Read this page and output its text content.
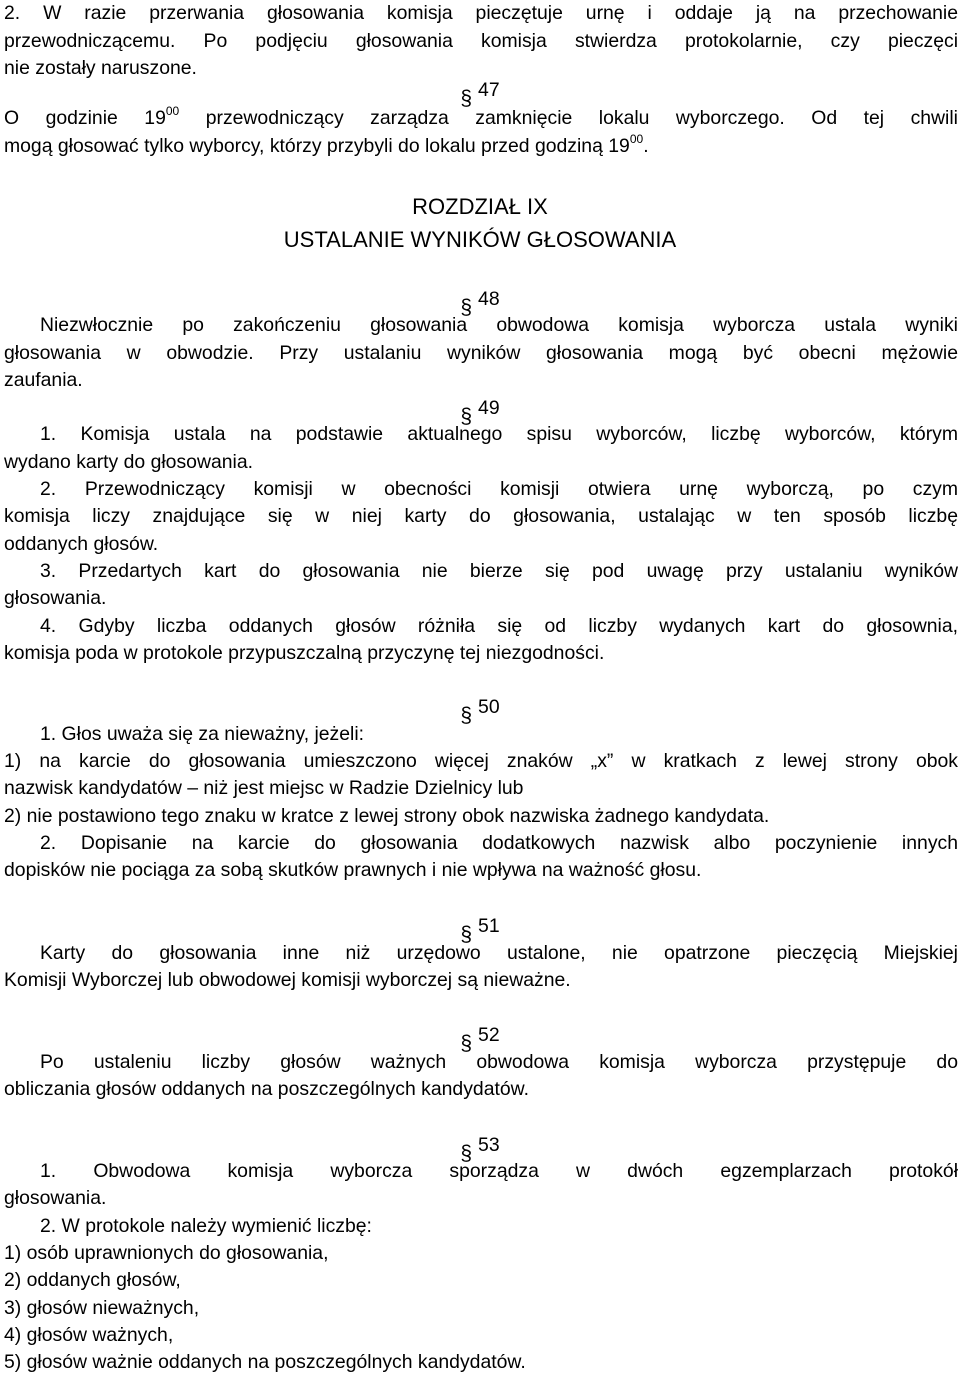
2. W razie przerwania głosowania komisja pieczętuje urnę i oddaje ją na przechowanie
przewodniczącemu. Po podjęciu głosowania komisja stwierdza protokolarnie, czy pieczęci
nie zostały naruszone.
§ 47
O godzinie $19^{00}$ przewodniczący zarządza zamknięcie lokalu wyborczego. Od tej chwili
mogą głosować tylko wyborcy, którzy przybyli do lokalu przed godziną $19^{00}$.
ROZDZIAŁ IX
USTALANIE WYNIKÓW GŁOSOWANIA
§ 48
Niezwłocznie po zakończeniu głosowania obwodowa komisja wyborcza ustala wyniki
głosowania w obwodzie. Przy ustalaniu wyników głosowania mogą być obecni mężowie
zaufania.
§ 49
1. Komisja ustala na podstawie aktualnego spisu wyborców, liczbę wyborców, którym
wydano karty do głosowania.
2. Przewodniczący komisji w obecności komisji otwiera urnę wyborczą, po czym
komisja liczy znajdujące się w niej karty do głosowania, ustalając w ten sposób liczbę
oddanych głosów.
3. Przedartych kart do głosowania nie bierze się pod uwagę przy ustalaniu wyników
głosowania.
4. Gdyby liczba oddanych głosów różniła się od liczby wydanych kart do głosownia,
komisja poda w protokole przypuszczalną przyczynę tej niezgodności.
§ 50
1. Głos uważa się za nieważny, jeżeli:
1) na karcie do głosowania umieszczono więcej znaków „x” w kratkach z lewej strony obok
nazwisk kandydatów – niż jest miejsc w Radzie Dzielnicy lub
2) nie postawiono tego znaku w kratce z lewej strony obok nazwiska żadnego kandydata.
2. Dopisanie na karcie do głosowania dodatkowych nazwisk albo poczynienie innych
dopisków nie pociąga za sobą skutków prawnych i nie wpływa na ważność głosu.
§ 51
Karty do głosowania inne niż urzędowo ustalone, nie opatrzone pieczęcią Miejskiej
Komisji Wyborczej lub obwodowej komisji wyborczej są nieważne.
§ 52
Po ustaleniu liczby głosów ważnych obwodowa komisja wyborcza przystępuje do
obliczania głosów oddanych na poszczególnych kandydatów.
§ 53
1. Obwodowa komisja wyborcza sporządza w dwóch egzemplarzach protokół
głosowania.
2. W protokole należy wymienić liczbę:
1) osób uprawnionych do głosowania,
2) oddanych głosów,
3) głosów nieważnych,
4) głosów ważnych,
5) głosów ważnie oddanych na poszczególnych kandydatów.
